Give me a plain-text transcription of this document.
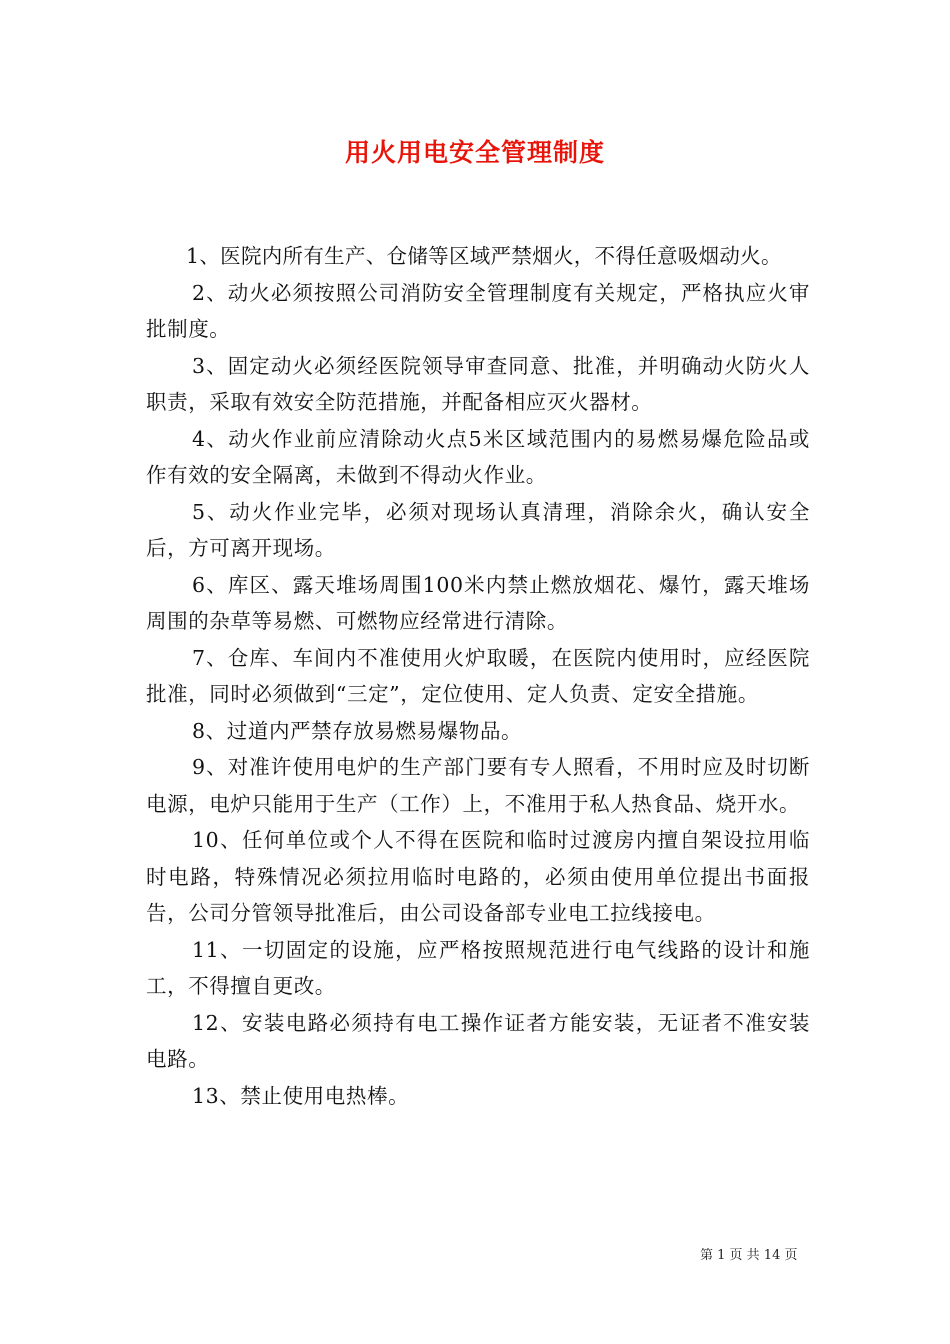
用火用电安全管理制度

1、医院内所有生产、仓储等区域严禁烟火，不得任意吸烟动火。

2、动火必须按照公司消防安全管理制度有关规定，严格执应火审批制度。

3、固定动火必须经医院领导审查同意、批准，并明确动火防火人职责，采取有效安全防范措施，并配备相应灭火器材。

4、动火作业前应清除动火点5米区域范围内的易燃易爆危险品或作有效的安全隔离，未做到不得动火作业。

5、动火作业完毕，必须对现场认真清理，消除余火，确认安全后，方可离开现场。

6、库区、露天堆场周围100米内禁止燃放烟花、爆竹，露天堆场周围的杂草等易燃、可燃物应经常进行清除。

7、仓库、车间内不准使用火炉取暖，在医院内使用时，应经医院批准，同时必须做到“三定”，定位使用、定人负责、定安全措施。

8、过道内严禁存放易燃易爆物品。

9、对准许使用电炉的生产部门要有专人照看，不用时应及时切断电源，电炉只能用于生产（工作）上，不准用于私人热食品、烧开水。

10、任何单位或个人不得在医院和临时过渡房内擅自架设拉用临时电路，特殊情况必须拉用临时电路的，必须由使用单位提出书面报告，公司分管领导批准后，由公司设备部专业电工拉线接电。

11、一切固定的设施，应严格按照规范进行电气线路的设计和施工，不得擅自更改。

12、安装电路必须持有电工操作证者方能安装，无证者不准安装电路。

13、禁止使用电热棒。

第 1 页 共 14 页
